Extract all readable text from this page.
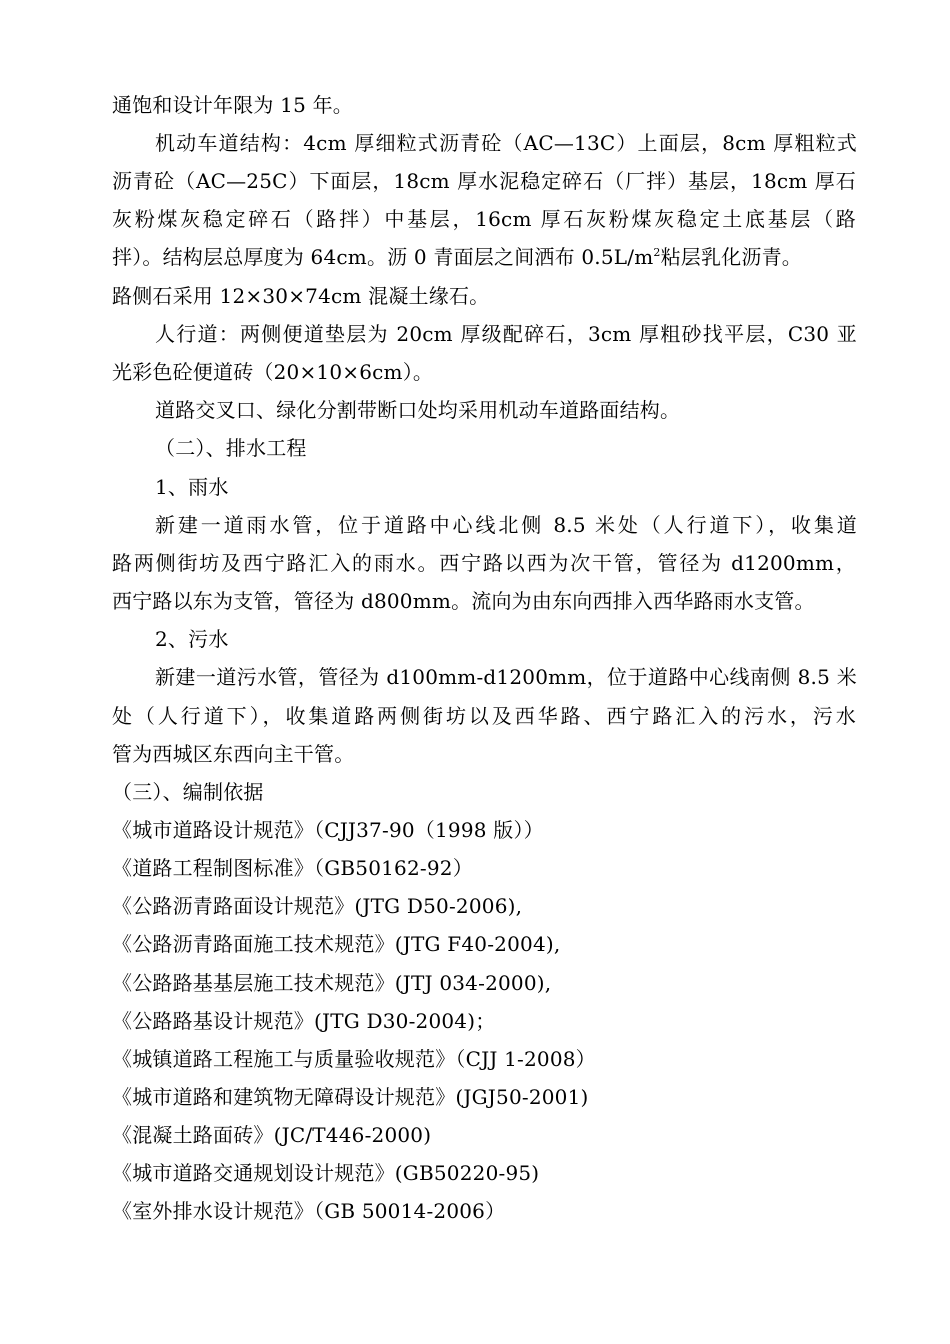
通饱和设计年限为 15 年。
机动车道结构：4cm 厚细粒式沥青砼（AC—13C）上面层，8cm 厚粗粒式
沥青砼（AC—25C）下面层，18cm 厚水泥稳定碎石（厂拌）基层，18cm 厚石
灰粉煤灰稳定碎石（路拌）中基层，16cm 厚石灰粉煤灰稳定土底基层（路
拌）。结构层总厚度为 64cm。沥 0 青面层之间洒布 $0.5L/m^2$粘层乳化沥青。
路侧石采用 12×30×74cm 混凝土缘石。
人行道：两侧便道垫层为 20cm 厚级配碎石，3cm 厚粗砂找平层，C30 亚
光彩色砼便道砖（20×10×6cm）。
道路交叉口、绿化分割带断口处均采用机动车道路面结构。
（二）、排水工程
1、雨水
新建一道雨水管，位于道路中心线北侧 8.5 米处（人行道下），收集道
路两侧街坊及西宁路汇入的雨水。西宁路以西为次干管，管径为 d1200mm，
西宁路以东为支管，管径为 d800mm。流向为由东向西排入西华路雨水支管。
2、污水
新建一道污水管，管径为 d100mm-d1200mm，位于道路中心线南侧 8.5 米
处（人行道下），收集道路两侧街坊以及西华路、西宁路汇入的污水，污水
管为西城区东西向主干管。
（三）、编制依据
《城市道路设计规范》（CJJ37-90（1998 版））
《道路工程制图标准》（GB50162-92）
《公路沥青路面设计规范》(JTG D50-2006),
《公路沥青路面施工技术规范》(JTG F40-2004),
《公路路基基层施工技术规范》(JTJ 034-2000),
《公路路基设计规范》(JTG D30-2004)；
《城镇道路工程施工与质量验收规范》（CJJ 1-2008）
《城市道路和建筑物无障碍设计规范》(JGJ50-2001)
《混凝土路面砖》(JC/T446-2000)
《城市道路交通规划设计规范》(GB50220-95)
《室外排水设计规范》（GB 50014-2006）
